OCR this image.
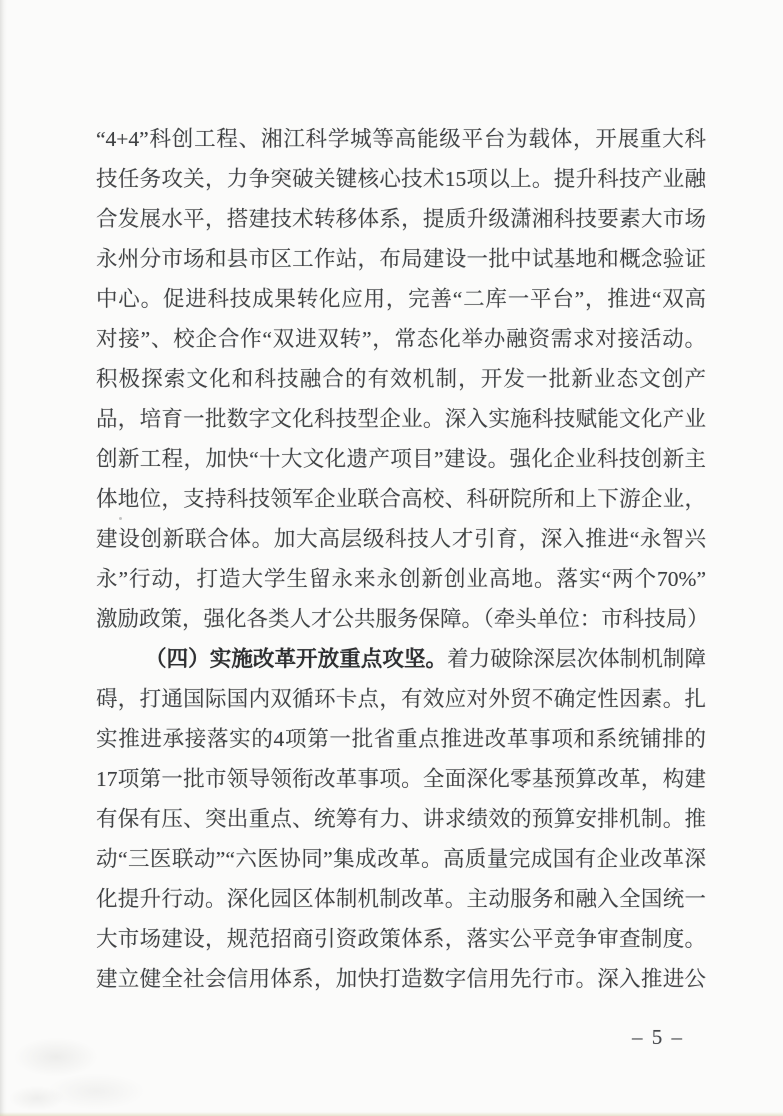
“4+4”科创工程、湘江科学城等高能级平台为载体，开展重大科
技任务攻关，力争突破关键核心技术15项以上。提升科技产业融
合发展水平，搭建技术转移体系，提质升级潇湘科技要素大市场
永州分市场和县市区工作站，布局建设一批中试基地和概念验证
中心。促进科技成果转化应用，完善“二库一平台”，推进“双高
对接”、校企合作“双进双转”，常态化举办融资需求对接活动。
积极探索文化和科技融合的有效机制，开发一批新业态文创产
品，培育一批数字文化科技型企业。深入实施科技赋能文化产业
创新工程，加快“十大文化遗产项目”建设。强化企业科技创新主
体地位，支持科技领军企业联合高校、科研院所和上下游企业，
建设创新联合体。加大高层级科技人才引育，深入推进“永智兴
永”行动，打造大学生留永来永创新创业高地。落实“两个70%”
激励政策，强化各类人才公共服务保障。（牵头单位：市科技局）
（四）实施改革开放重点攻坚。着力破除深层次体制机制障
碍，打通国际国内双循环卡点，有效应对外贸不确定性因素。扎
实推进承接落实的4项第一批省重点推进改革事项和系统铺排的
17项第一批市领导领衔改革事项。全面深化零基预算改革，构建
有保有压、突出重点、统筹有力、讲求绩效的预算安排机制。推
动“三医联动”“六医协同”集成改革。高质量完成国有企业改革深
化提升行动。深化园区体制机制改革。主动服务和融入全国统一
大市场建设，规范招商引资政策体系，落实公平竞争审查制度。
建立健全社会信用体系，加快打造数字信用先行市。深入推进公
– 5 –
